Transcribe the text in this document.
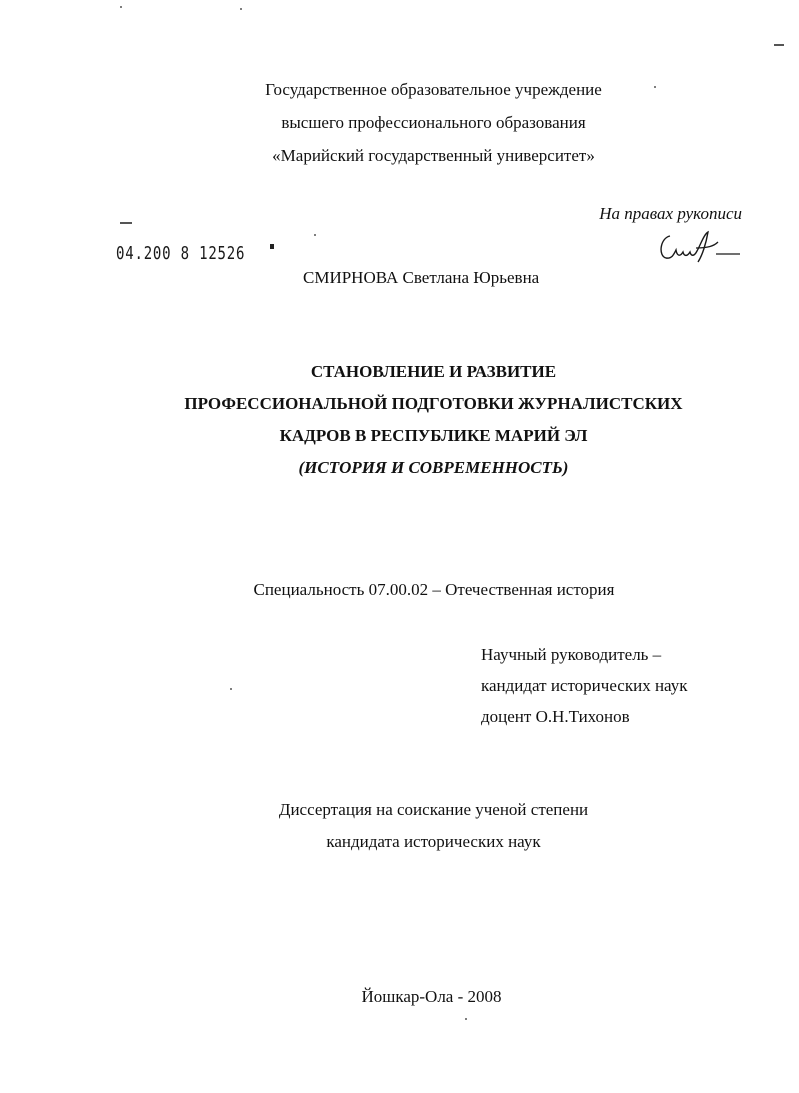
Государственное образовательное учреждение
высшего профессионального образования
«Марийский государственный университет»
На правах рукописи
04.200 8 12526
СМИРНОВА Светлана Юрьевна
СТАНОВЛЕНИЕ И РАЗВИТИЕ
ПРОФЕССИОНАЛЬНОЙ ПОДГОТОВКИ ЖУРНАЛИСТСКИХ
КАДРОВ В РЕСПУБЛИКЕ МАРИЙ ЭЛ
(ИСТОРИЯ И СОВРЕМЕННОСТЬ)
Специальность 07.00.02 – Отечественная история
Научный руководитель –
кандидат исторических наук
доцент О.Н.Тихонов
Диссертация на соискание ученой степени
кандидата исторических наук
Йошкар-Ола - 2008
